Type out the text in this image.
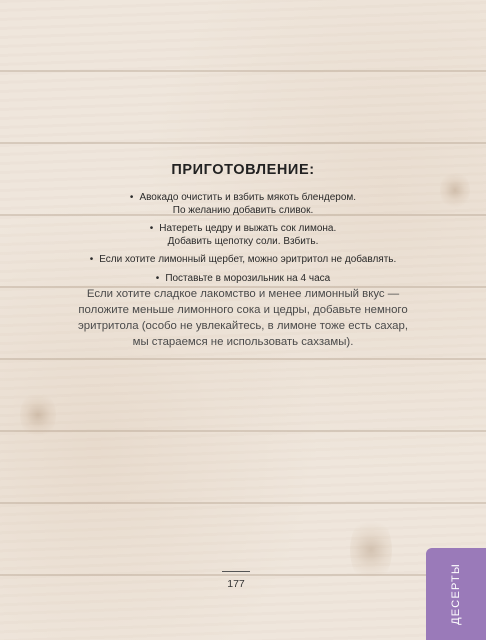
ПРИГОТОВЛЕНИЕ:
• Авокадо очистить и взбить мякоть блендером.
По желанию добавить сливок.
• Натереть цедру и выжать сок лимона.
Добавить щепотку соли. Взбить.
• Если хотите лимонный щербет, можно эритритол не добавлять.
• Поставьте в морозильник на 4 часа
Если хотите сладкое лакомство и менее лимонный вкус —
положите меньше лимонного сока и цедры, добавьте немного
эритритола (особо не увлекайтесь, в лимоне тоже есть сахар,
мы стараемся не использовать сахзамы).
177	ДЕСЕРТЫ
